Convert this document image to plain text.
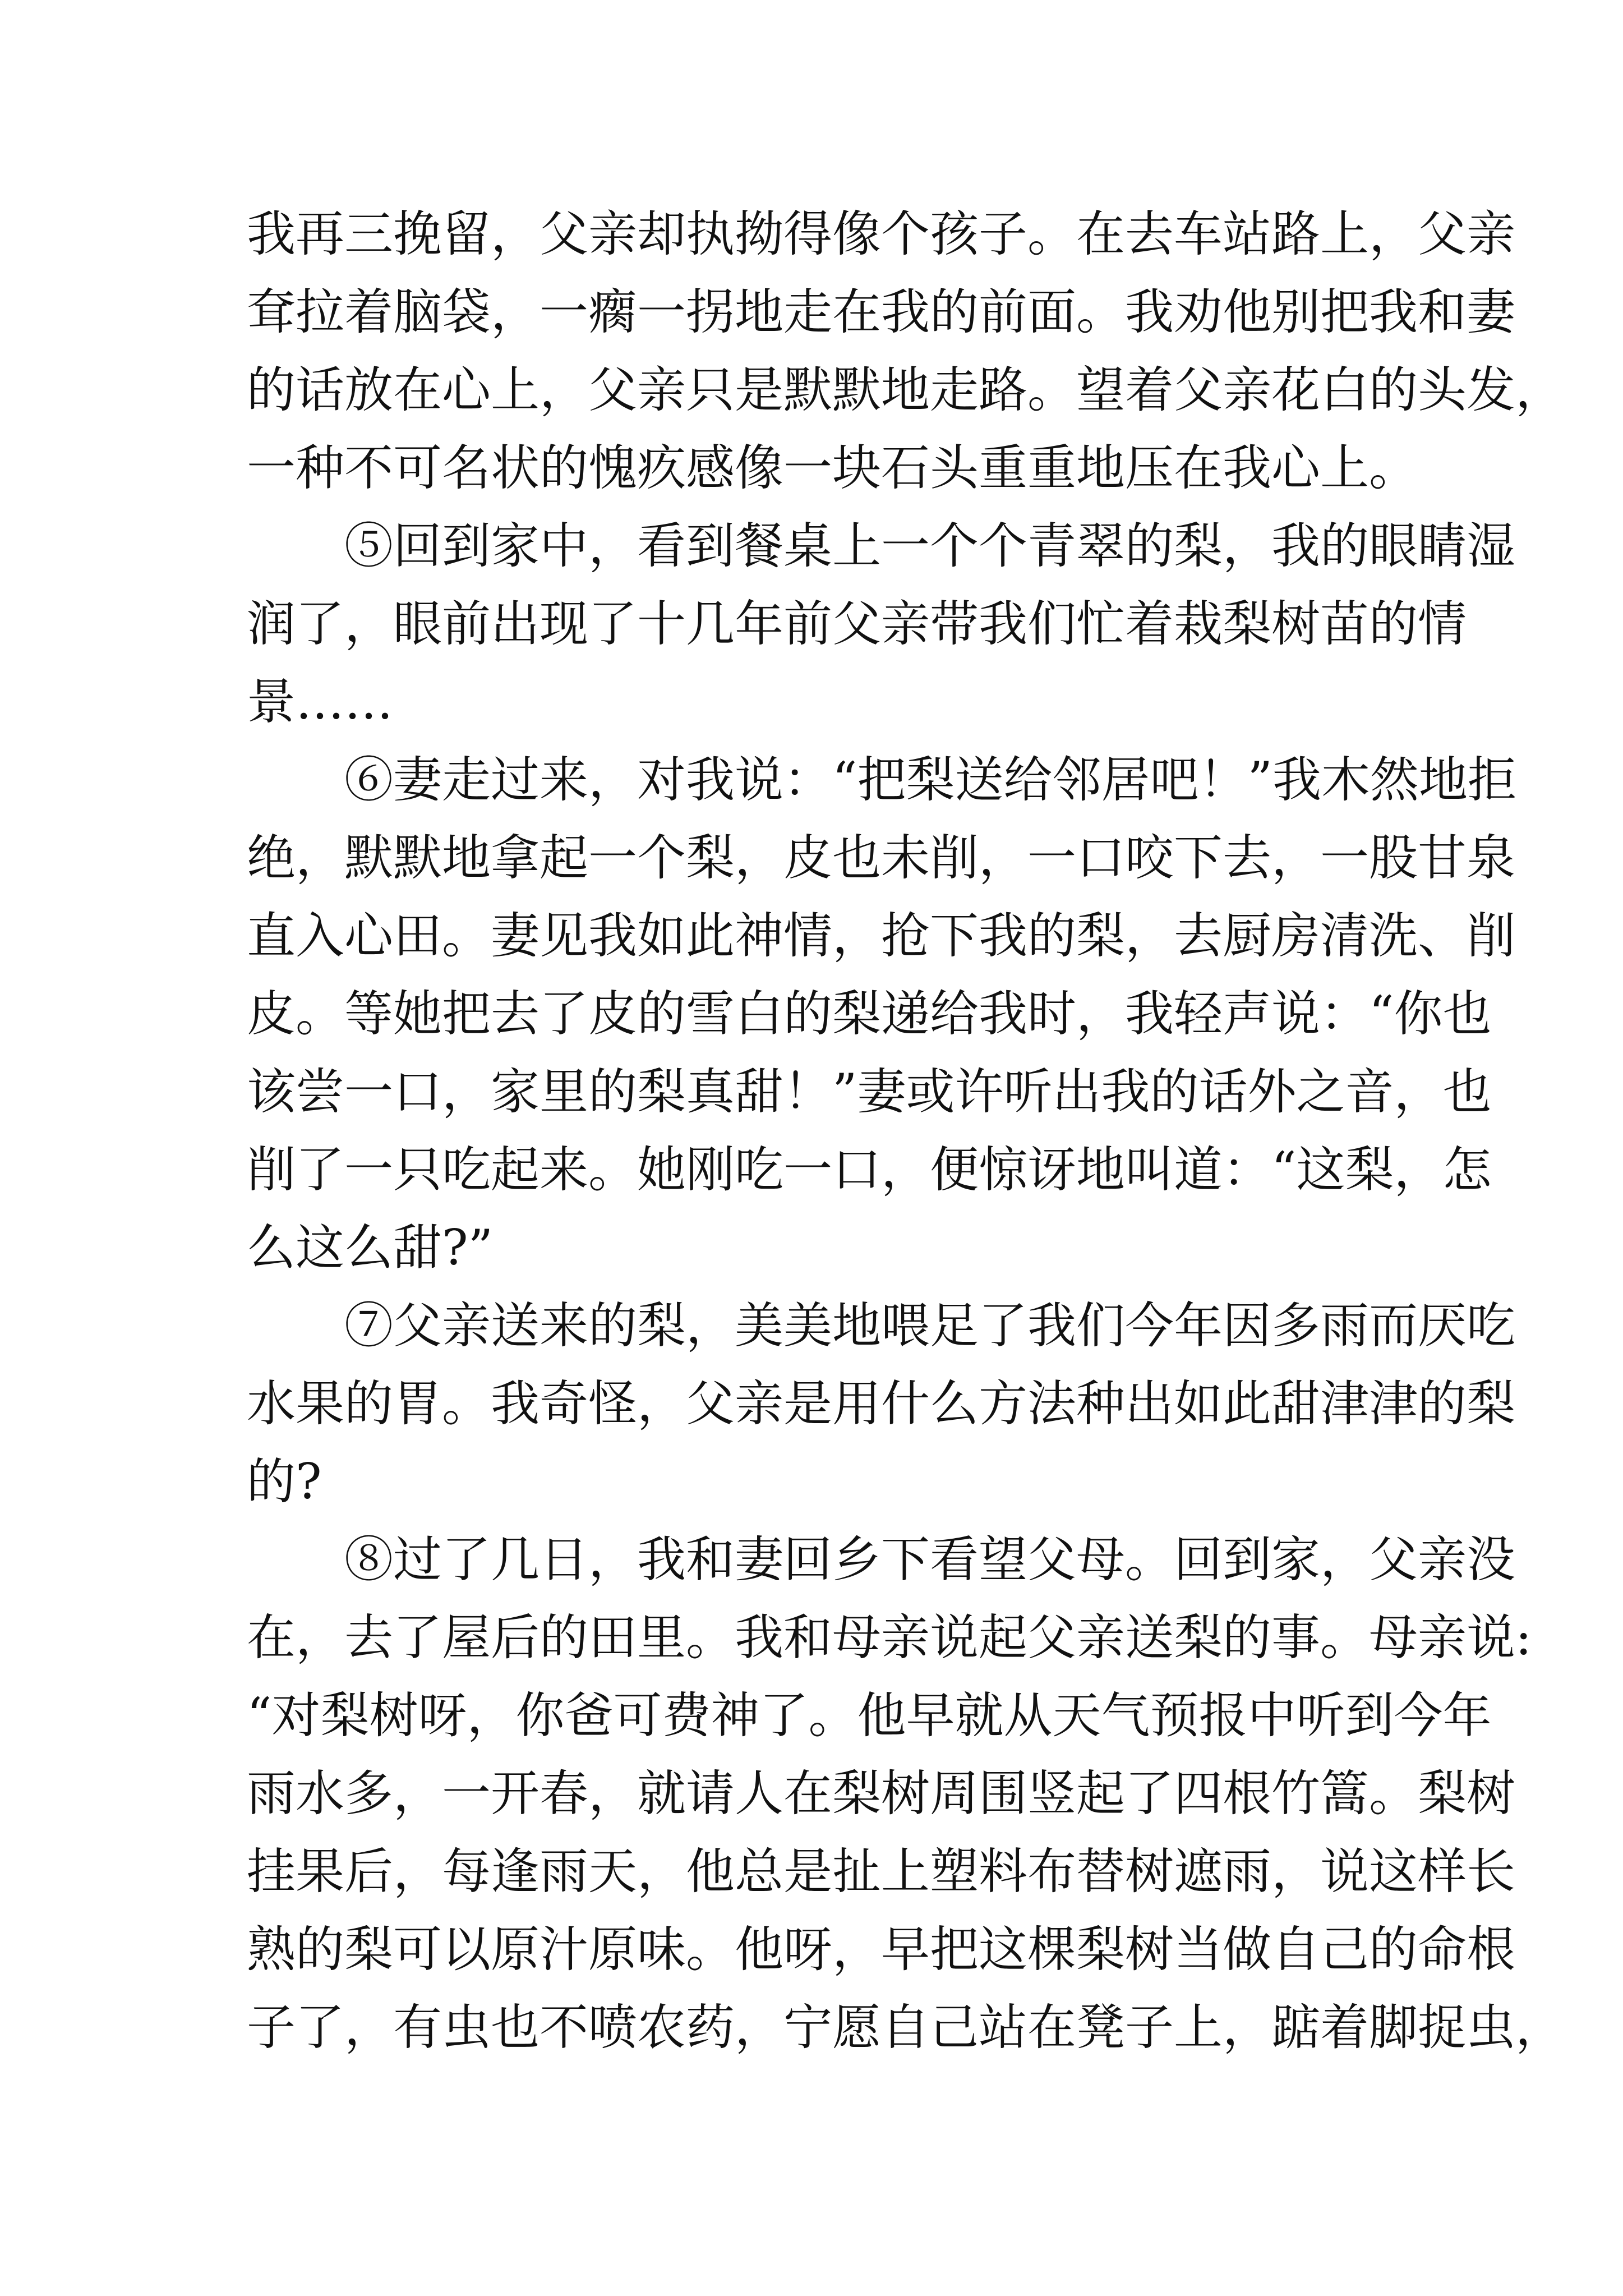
我再三挽留，父亲却执拗得像个孩子。在去车站路上，父亲
耷拉着脑袋，一瘸一拐地走在我的前面。我劝他别把我和妻
的话放在心上，父亲只是默默地走路。望着父亲花白的头发，
一种不可名状的愧疚感像一块石头重重地压在我心上。
⑤回到家中，看到餐桌上一个个青翠的梨，我的眼睛湿
润了，眼前出现了十几年前父亲带我们忙着栽梨树苗的情
景……
⑥妻走过来，对我说：“把梨送给邻居吧！”我木然地拒
绝，默默地拿起一个梨，皮也未削，一口咬下去，一股甘泉
直入心田。妻见我如此神情，抢下我的梨，去厨房清洗、削
皮。等她把去了皮的雪白的梨递给我时，我轻声说：“你也
该尝一口，家里的梨真甜！”妻或许听出我的话外之音，也
削了一只吃起来。她刚吃一口，便惊讶地叫道：“这梨，怎
么这么甜?”
⑦父亲送来的梨，美美地喂足了我们今年因多雨而厌吃
水果的胃。我奇怪，父亲是用什么方法种出如此甜津津的梨
的?
⑧过了几日，我和妻回乡下看望父母。回到家，父亲没
在，去了屋后的田里。我和母亲说起父亲送梨的事。母亲说:
“对梨树呀，你爸可费神了。他早就从天气预报中听到今年
雨水多，一开春，就请人在梨树周围竖起了四根竹篙。梨树
挂果后，每逢雨天，他总是扯上塑料布替树遮雨，说这样长
熟的梨可以原汁原味。他呀，早把这棵梨树当做自己的命根
子了，有虫也不喷农药，宁愿自己站在凳子上，踮着脚捉虫，
